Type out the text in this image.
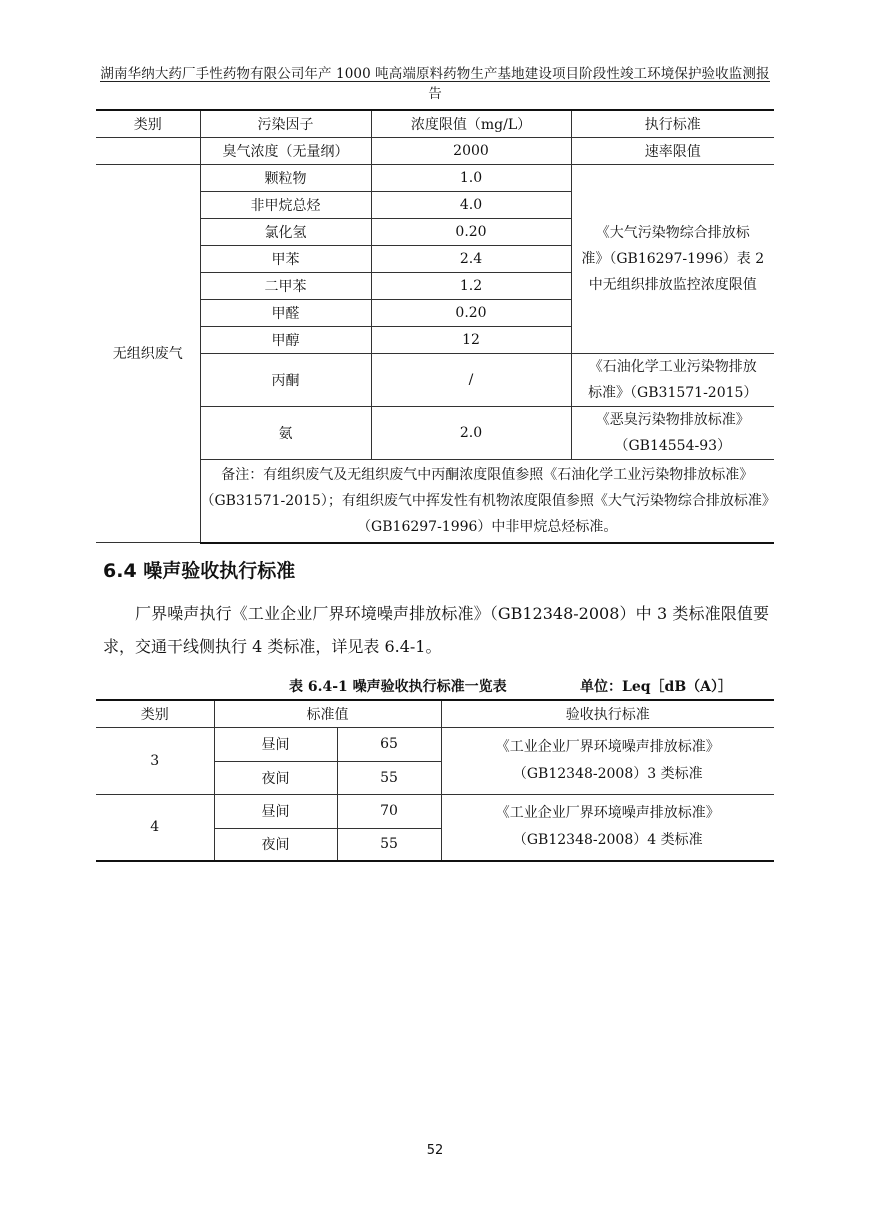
湖南华纳大药厂手性药物有限公司年产 1000 吨高端原料药物生产基地建设项目阶段性竣工环境保护验收监测报告
类别	污染因子	浓度限值（mg/L）	执行标准
	臭气浓度（无量纲）	2000	速率限值
无组织废气	颗粒物	1.0	《大气污染物综合排放标
准》（GB16297-1996）表 2
中无组织排放监控浓度限值

	非甲烷总烃	4.0	
	氯化氢	0.20	
	甲苯	2.4	
	二甲苯	1.2	
	甲醛	0.20	
	甲醇	12	
	丙酮	/	《石油化学工业污染物排放
标准》（GB31571-2015）

	氨	2.0	《恶臭污染物排放标准》
（GB14554-93）

	备注：有组织废气及无组织废气中丙酮浓度限值参照《石油化学工业污染物排放标准》
（GB31571-2015）；有组织废气中挥发性有机物浓度限值参照《大气污染物综合排放标准》
（GB16297-1996）中非甲烷总烃标准。		
6.4 噪声验收执行标准
厂界噪声执行《工业企业厂界环境噪声排放标准》（GB12348-2008）中 3 类标准限值要求，交通干线侧执行 4 类标准，详见表 6.4-1。
表 6.4-1 噪声验收执行标准一览表	单位：Leq［dB（A）］
类别	标准值		验收执行标准
3	昼间	65	《工业企业厂界环境噪声排放标准》
（GB12348-2008）3 类标准

	夜间	55	
4	昼间	70	《工业企业厂界环境噪声排放标准》
（GB12348-2008）4 类标准

	夜间	55	
52
